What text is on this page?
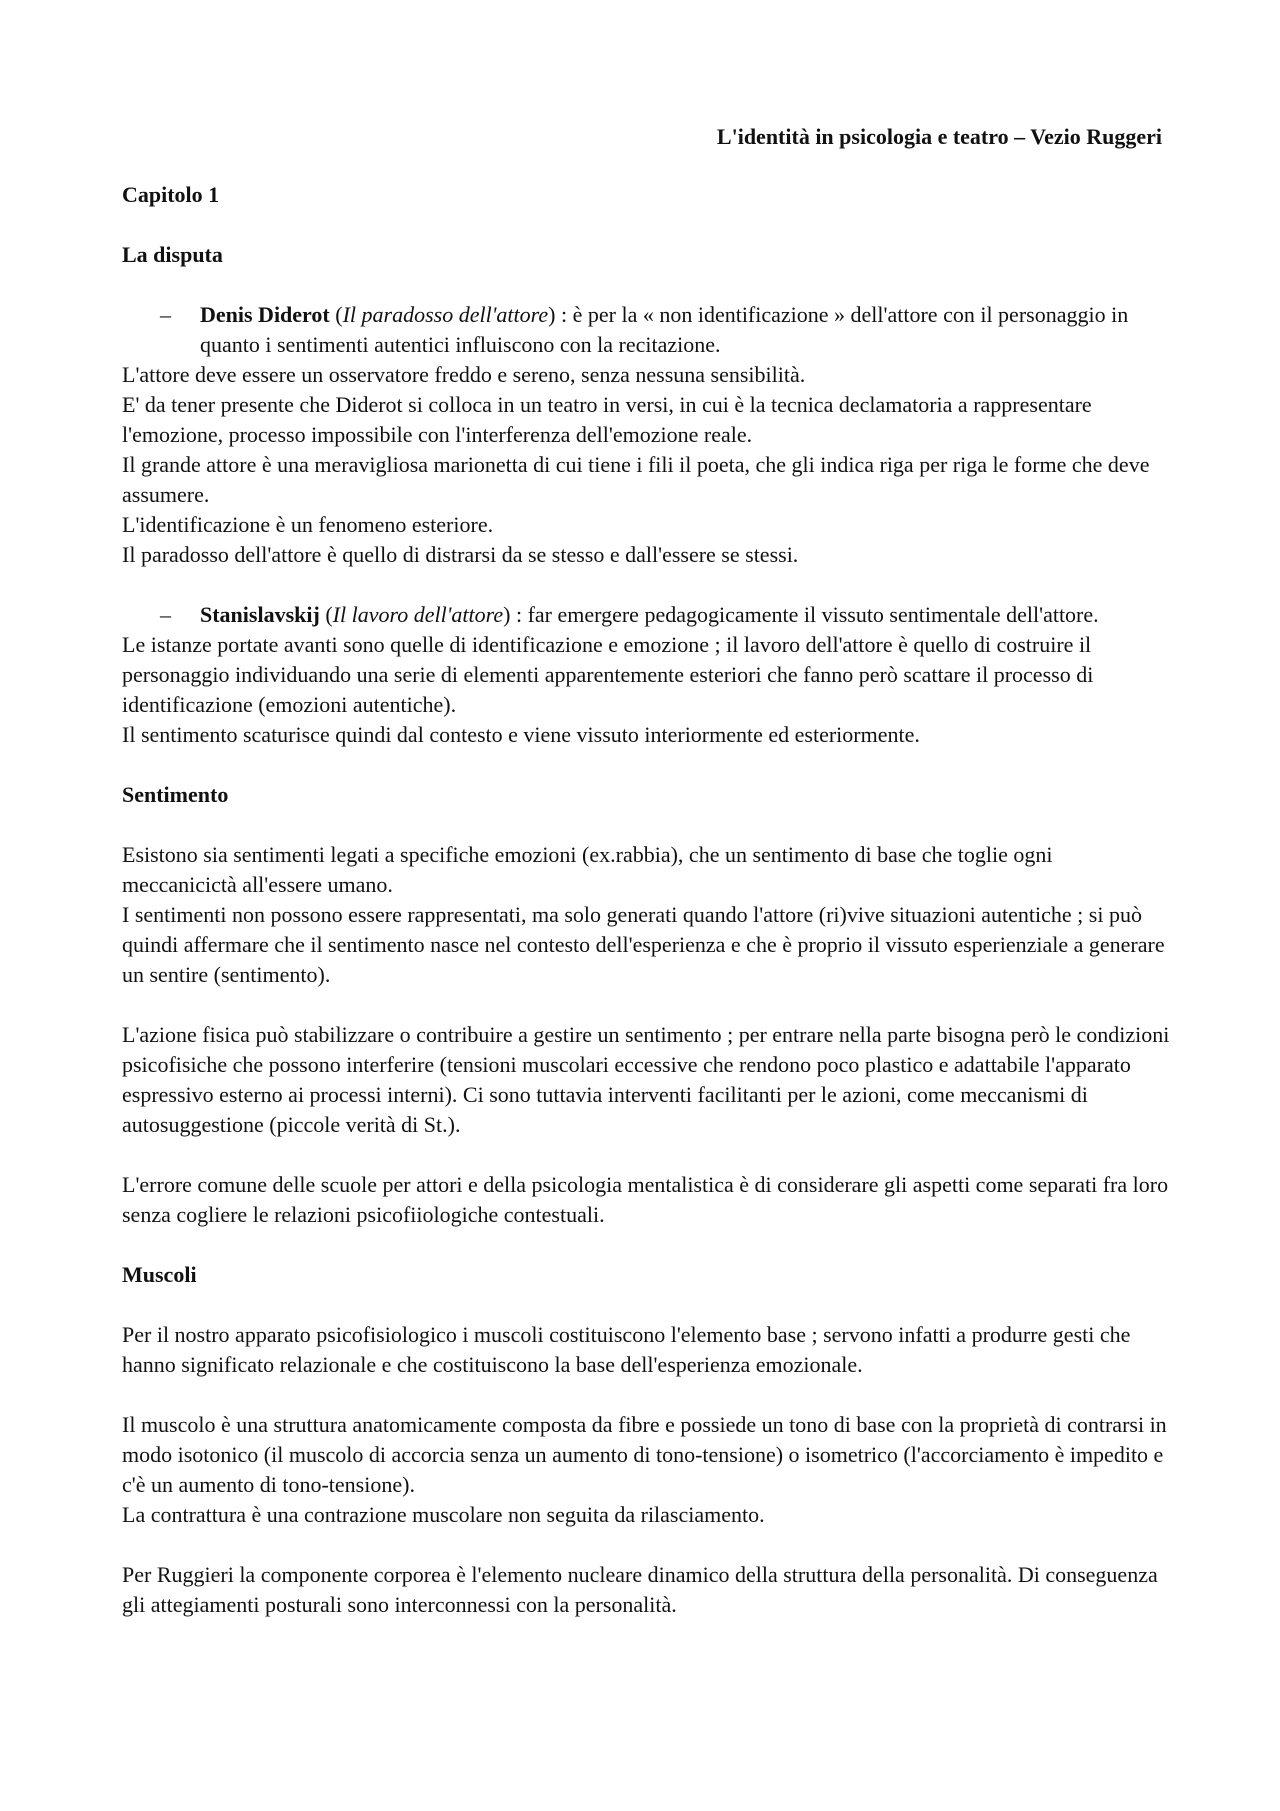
L'identità in psicologia e teatro – Vezio Ruggeri

Capitolo 1

La disputa

– Denis Diderot (Il paradosso dell'attore) : è per la « non identificazione » dell'attore con il personaggio in quanto i sentimenti autentici influiscono con la recitazione.

L'attore deve essere un osservatore freddo e sereno, senza nessuna sensibilità.

E' da tener presente che Diderot si colloca in un teatro in versi, in cui è la tecnica declamatoria a rappresentare l'emozione, processo impossibile con l'interferenza dell'emozione reale.

Il grande attore è una meravigliosa marionetta di cui tiene i fili il poeta, che gli indica riga per riga le forme che deve assumere.

L'identificazione è un fenomeno esteriore.

Il paradosso dell'attore è quello di distrarsi da se stesso e dall'essere se stessi.

– Stanislavskij (Il lavoro dell'attore) : far emergere pedagogicamente il vissuto sentimentale dell'attore.

Le istanze portate avanti sono quelle di identificazione e emozione ; il lavoro dell'attore è quello di costruire il personaggio individuando una serie di elementi apparentemente esteriori che fanno però scattare il processo di identificazione (emozioni autentiche).

Il sentimento scaturisce quindi dal contesto e viene vissuto interiormente ed esteriormente.

Sentimento

Esistono sia sentimenti legati a specifiche emozioni (ex.rabbia), che un sentimento di base che toglie ogni meccanicictà all'essere umano.

I sentimenti non possono essere rappresentati, ma solo generati quando l'attore (ri)vive situazioni autentiche ; si può quindi affermare che il sentimento nasce nel contesto dell'esperienza e che è proprio il vissuto esperienziale a generare un sentire (sentimento).

L'azione fisica può stabilizzare o contribuire a gestire un sentimento ; per entrare nella parte bisogna però le condizioni psicofisiche che possono interferire (tensioni muscolari eccessive che rendono poco plastico e adattabile l'apparato espressivo esterno ai processi interni). Ci sono tuttavia interventi facilitanti per le azioni, come meccanismi di autosuggestione (piccole verità di St.).

L'errore comune delle scuole per attori e della psicologia mentalistica è di considerare gli aspetti come separati fra loro senza cogliere le relazioni psicofiiologiche contestuali.

Muscoli

Per il nostro apparato psicofisiologico i muscoli costituiscono l'elemento base ; servono infatti a produrre gesti che hanno significato relazionale e che costituiscono la base dell'esperienza emozionale.

Il muscolo è una struttura anatomicamente composta da fibre e possiede un tono di base con la proprietà di contrarsi in modo isotonico (il muscolo di accorcia senza un aumento di tono-tensione) o isometrico (l'accorciamento è impedito e c'è un aumento di tono-tensione).

La contrattura è una contrazione muscolare non seguita da rilasciamento.

Per Ruggieri la componente corporea è l'elemento nucleare dinamico della struttura della personalità. Di conseguenza gli attegiamenti posturali sono interconnessi con la personalità.
